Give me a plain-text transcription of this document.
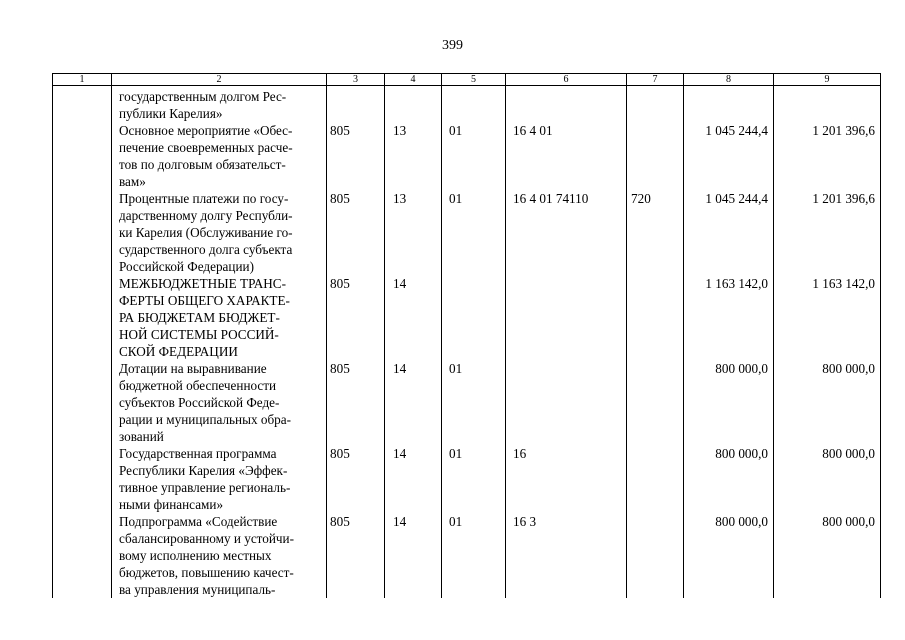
399
1	2	3	4	5	6	7	8	9
	государственным долгом Рес-
публики Карелия»							
	Основное мероприятие «Обес-
печение своевременных расче-
тов по долговым обязательст-
вам»	805	13	01	16 4 01		1 045 244,4	1 201 396,6
	Процентные платежи по госу-
дарственному долгу Республи-
ки Карелия (Обслуживание го-
сударственного долга субъекта
Российской Федерации)	805	13	01	16 4 01 74110	720	1 045 244,4	1 201 396,6
	МЕЖБЮДЖЕТНЫЕ ТРАНС-
ФЕРТЫ ОБЩЕГО ХАРАКТЕ-
РА БЮДЖЕТАМ БЮДЖЕТ-
НОЙ СИСТЕМЫ РОССИЙ-
СКОЙ ФЕДЕРАЦИИ	805	14				1 163 142,0	1 163 142,0
	Дотации на выравнивание
бюджетной обеспеченности
субъектов Российской Феде-
рации и муниципальных обра-
зований	805	14	01			800 000,0	800 000,0
	Государственная программа
Республики Карелия «Эффек-
тивное управление региональ-
ными финансами»	805	14	01	16		800 000,0	800 000,0
	Подпрограмма «Содействие
сбалансированному и устойчи-
вому исполнению местных
бюджетов, повышению качест-
ва управления муниципаль-	805	14	01	16 3		800 000,0	800 000,0
